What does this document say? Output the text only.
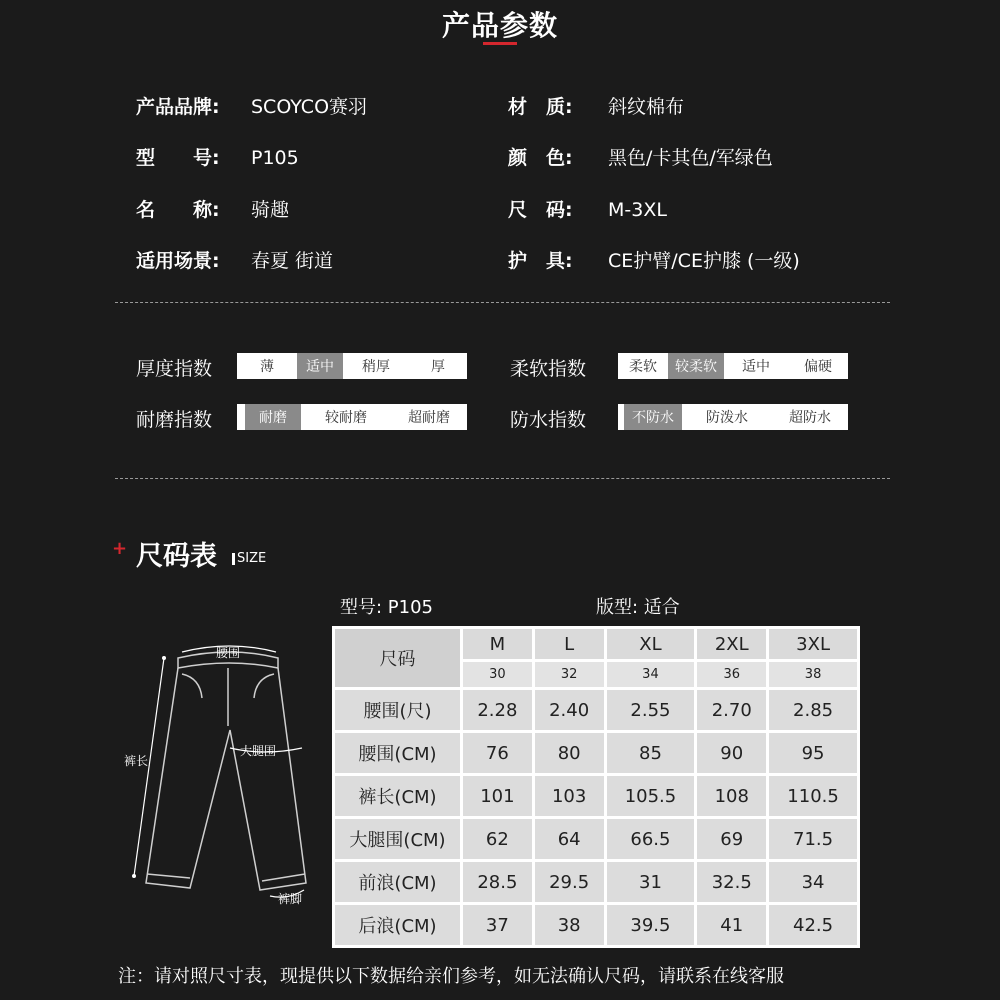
产品参数
产品品牌: SCOYCO赛羽
型　　号: P105
名　　称: 骑趣
适用场景: 春夏 街道
材　质: 斜纹棉布
颜　色: 黑色/卡其色/军绿色
尺　码: M-3XL
护　具: CE护臂/CE护膝 (一级)
厚度指数	薄	适中	稍厚	厚	柔软指数	柔软	较柔软	适中	偏硬
耐磨指数	耐磨	较耐磨	超耐磨	防水指数	不防水	防泼水	超防水
+ 尺码表	SIZE
型号: P105	版型: 适合
腰围
裤长
大腿围
裤脚
尺码	M	L	XL	2XL	3XL
	30	32	34	36	38
腰围(尺)	2.28	2.40	2.55	2.70	2.85
腰围(CM)	76	80	85	90	95
裤长(CM)	101	103	105.5	108	110.5
大腿围(CM)	62	64	66.5	69	71.5
前浪(CM)	28.5	29.5	31	32.5	34
后浪(CM)	37	38	39.5	41	42.5
注：请对照尺寸表，现提供以下数据给亲们参考，如无法确认尺码，请联系在线客服
